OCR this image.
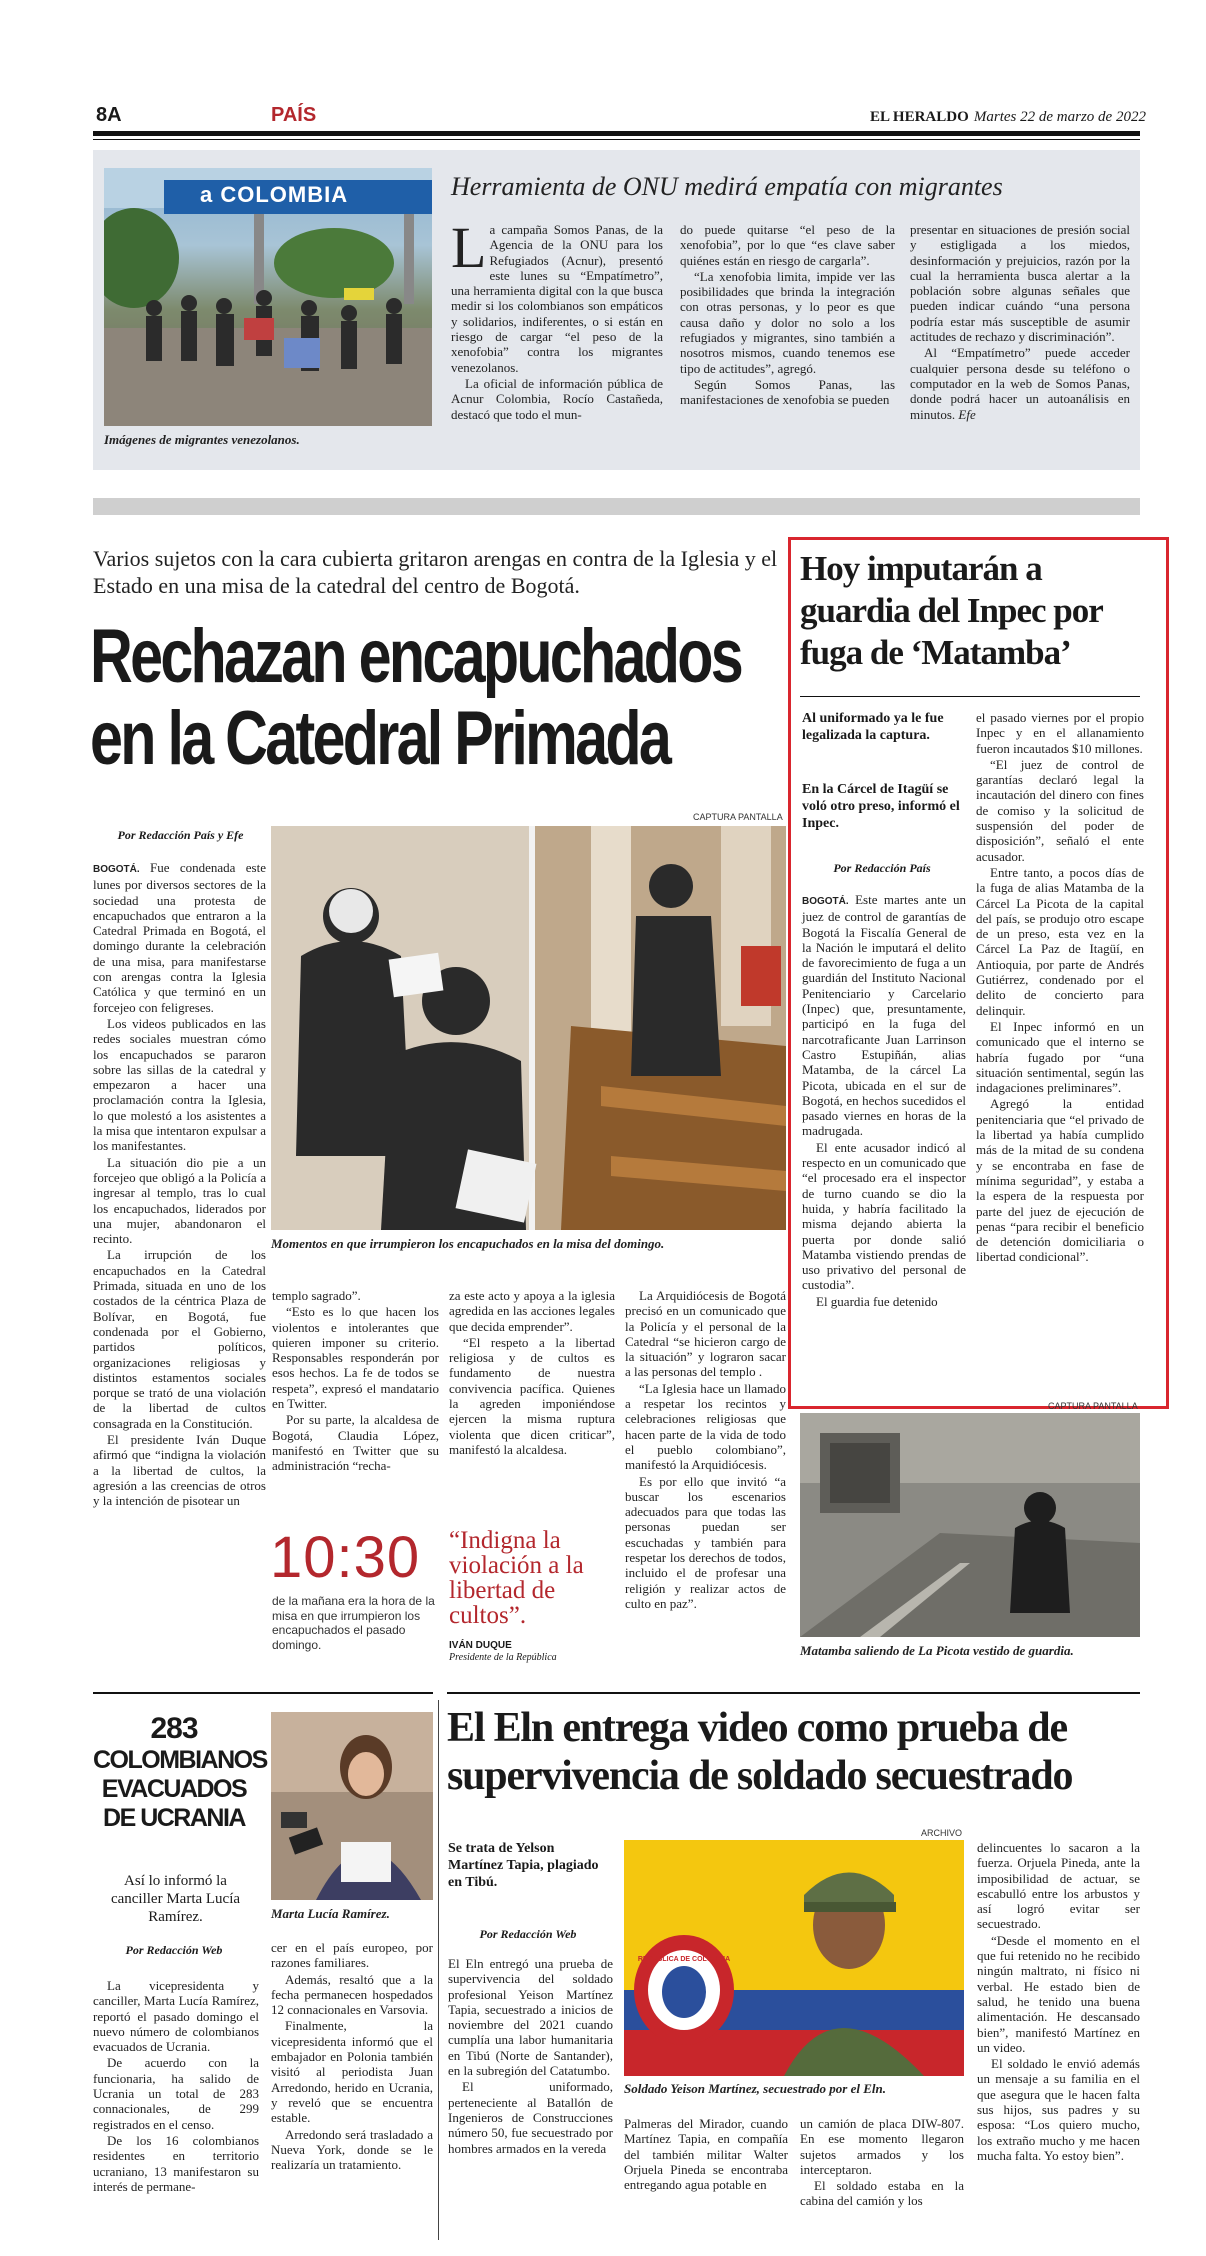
8A	PAÍS	EL HERALDO Martes 22 de marzo de 2022
a COLOMBIA
Imágenes de migrantes venezolanos.
Herramienta de ONU medirá empatía con migrantes
L a campaña Somos Panas, de la Agencia de la ONU para los Refugiados (Acnur), presentó este lunes su “Empatímetro”, una herramienta digital con la que busca medir si los colombianos son empáticos y solidarios, indiferentes, o si están en riesgo de cargar “el peso de la xenofobia” contra los migrantes venezolanos.

La oficial de información pública de Acnur Colombia, Rocío Castañeda, destacó que todo el mun-

do puede quitarse “el peso de la xenofobia”, por lo que “es clave saber quiénes están en riesgo de cargarla”.

“La xenofobia limita, impide ver las posibilidades que brinda la integración con otras personas, y lo peor es que causa daño y dolor no solo a los refugiados y migrantes, sino también a nosotros mismos, cuando tenemos ese tipo de actitudes”, agregó.

Según Somos Panas, las manifestaciones de xenofobia se pueden

presentar en situaciones de presión social y estigligada a los miedos, desinformación y prejuicios, razón por la cual la herramienta busca alertar a la población sobre algunas señales que pueden indicar cuándo “una persona podría estar más susceptible de asumir actitudes de rechazo y discriminación”.

Al “Empatímetro” puede acceder cualquier persona desde su teléfono o computador en la web de Somos Panas, donde podrá hacer un autoanálisis en minutos. Efe

Varios sujetos con la cara cubierta gritaron arengas en contra de la Iglesia y el Estado en una misa de la catedral del centro de Bogotá.
Rechazan encapuchados en la Catedral Primada
Por Redacción País y Efe

BOGOTÁ. Fue condenada este lunes por diversos sectores de la sociedad una protesta de encapuchados que entraron a la Catedral Primada en Bogotá, el domingo durante la celebración de una misa, para manifestarse con arengas contra la Iglesia Católica y que terminó en un forcejeo con feligreses.

Los videos publicados en las redes sociales muestran cómo los encapuchados se pararon sobre las sillas de la catedral y empezaron a hacer una proclamación contra la Iglesia, lo que molestó a los asistentes a la misa que intentaron expulsar a los manifestantes.

La situación dio pie a un forcejeo que obligó a la Policía a ingresar al templo, tras lo cual los encapuchados, liderados por una mujer, abandonaron el recinto.

La irrupción de los encapuchados en la Catedral Primada, situada en uno de los costados de la céntrica Plaza de Bolívar, en Bogotá, fue condenada por el Gobierno, partidos políticos, organizaciones religiosas y distintos estamentos sociales porque se trató de una violación de la libertad de cultos consagrada en la Constitución.

El presidente Iván Duque afirmó que “indigna la violación a la libertad de cultos, la agresión a las creencias de otros y la intención de pisotear un

CAPTURA PANTALLA
Momentos en que irrumpieron los encapuchados en la misa del domingo.

templo sagrado”.

“Esto es lo que hacen los violentos e intolerantes que quieren imponer su criterio. Responsables responderán por esos hechos. La fe de todos se respeta”, expresó el mandatario en Twitter.

Por su parte, la alcaldesa de Bogotá, Claudia López, manifestó en Twitter que su administración “recha-

za este acto y apoya a la iglesia agredida en las acciones legales que decida emprender”.

“El respeto a la libertad religiosa y de cultos es fundamento de nuestra convivencia pacífica. Quienes la agreden imponiéndose ejercen la misma ruptura violenta que dicen criticar”, manifestó la alcaldesa.

La Arquidiócesis de Bogotá precisó en un comunicado que la Policía y el personal de la Catedral “se hicieron cargo de la situación” y lograron sacar a las personas del templo .

“La Iglesia hace un llamado a respetar los recintos y celebraciones religiosas que hacen parte de la vida de todo el pueblo colombiano”, manifestó la Arquidiócesis.

Es por ello que invitó “a buscar los escenarios adecuados para que todas las personas puedan ser escuchadas y también para respetar los derechos de todos, incluido el de profesar una religión y realizar actos de culto en paz”.

10:30
de la mañana era la hora de la misa en que irrumpieron los encapuchados el pasado domingo.
“Indigna la violación a la libertad de cultos”.
IVÁN DUQUE
Presidente de la República
Hoy imputarán a guardia del Inpec por fuga de ‘Matamba’
Al uniformado ya le fue legalizada la captura.
En la Cárcel de Itagüí se voló otro preso, informó el Inpec.
Por Redacción País

BOGOTÁ. Este martes ante un juez de control de garantías de Bogotá la Fiscalía General de la Nación le imputará el delito de favorecimiento de fuga a un guardián del Instituto Nacional Penitenciario y Carcelario (Inpec) que, presuntamente, participó en la fuga del narcotraficante Juan Larrinson Castro Estupiñán, alias Matamba, de la cárcel La Picota, ubicada en el sur de Bogotá, en hechos sucedidos el pasado viernes en horas de la madrugada.

El ente acusador indicó al respecto en un comunicado que “el procesado era el inspector de turno cuando se dio la huida, y habría facilitado la misma dejando abierta la puerta por donde salió Matamba vistiendo prendas de uso privativo del personal de custodia”.

El guardia fue detenido

el pasado viernes por el propio Inpec y en el allanamiento fueron incautados $10 millones.

“El juez de control de garantías declaró legal la incautación del dinero con fines de comiso y la solicitud de suspensión del poder de disposición”, señaló el ente acusador.

Entre tanto, a pocos días de la fuga de alias Matamba de la Cárcel La Picota de la capital del país, se produjo otro escape de un preso, esta vez en la Cárcel La Paz de Itagüí, en Antioquia, por parte de Andrés Gutiérrez, condenado por el delito de concierto para delinquir.

El Inpec informó en un comunicado que el interno se habría fugado por “una situación sentimental, según las indagaciones preliminares”.

Agregó la entidad penitenciaria que “el privado de la libertad ya había cumplido más de la mitad de su condena y se encontraba en fase de mínima seguridad”, y estaba a la espera de la respuesta por parte del juez de ejecución de penas “para recibir el beneficio de detención domiciliaria o libertad condicional”.

CAPTURA PANTALLA
Matamba saliendo de La Picota vestido de guardia.
283
COLOMBIANOS EVACUADOS DE UCRANIA
Así lo informó la canciller Marta Lucía Ramírez.
Por Redacción Web
Marta Lucía Ramírez.

La vicepresidenta y canciller, Marta Lucía Ramírez, reportó el pasado domingo el nuevo número de colombianos evacuados de Ucrania.

De acuerdo con la funcionaria, ha salido de Ucrania un total de 283 connacionales, de 299 registrados en el censo.

De los 16 colombianos residentes en territorio ucraniano, 13 manifestaron su interés de permane-

cer en el país europeo, por razones familiares.

Además, resaltó que a la fecha permanecen hospedados 12 connacionales en Varsovia.

Finalmente, la vicepresidenta informó que el embajador en Polonia también visitó al periodista Juan Arredondo, herido en Ucrania, y reveló que se encuentra estable.

Arredondo será trasladado a Nueva York, donde se le realizaría un tratamiento.

El Eln entrega video como prueba de supervivencia de soldado secuestrado
Se trata de Yelson Martínez Tapia, plagiado en Tibú.
Por Redacción Web

El Eln entregó una prueba de supervivencia del soldado profesional Yeison Martínez Tapia, secuestrado a inicios de noviembre del 2021 cuando cumplía una labor humanitaria en Tibú (Norte de Santander), en la subregión del Catatumbo.

El uniformado, perteneciente al Batallón de Ingenieros de Construcciones número 50, fue secuestrado por hombres armados en la vereda

ARCHIVO
REPÚBLICA DE COLOMBIA
Soldado Yeison Martínez, secuestrado por el Eln.

Palmeras del Mirador, cuando Martínez Tapia, en compañía del también militar Walter Orjuela Pineda se encontraba entregando agua potable en

un camión de placa DIW-807. En ese momento llegaron sujetos armados y los interceptaron.

El soldado estaba en la cabina del camión y los

delincuentes lo sacaron a la fuerza. Orjuela Pineda, ante la imposibilidad de actuar, se escabulló entre los arbustos y así logró evitar ser secuestrado.

“Desde el momento en el que fui retenido no he recibido ningún maltrato, ni físico ni verbal. He estado bien de salud, he tenido una buena alimentación. He descansado bien”, manifestó Martínez en un video.

El soldado le envió además un mensaje a su familia en el que asegura que le hacen falta sus hijos, sus padres y su esposa: “Los quiero mucho, los extraño mucho y me hacen mucha falta. Yo estoy bien”.
